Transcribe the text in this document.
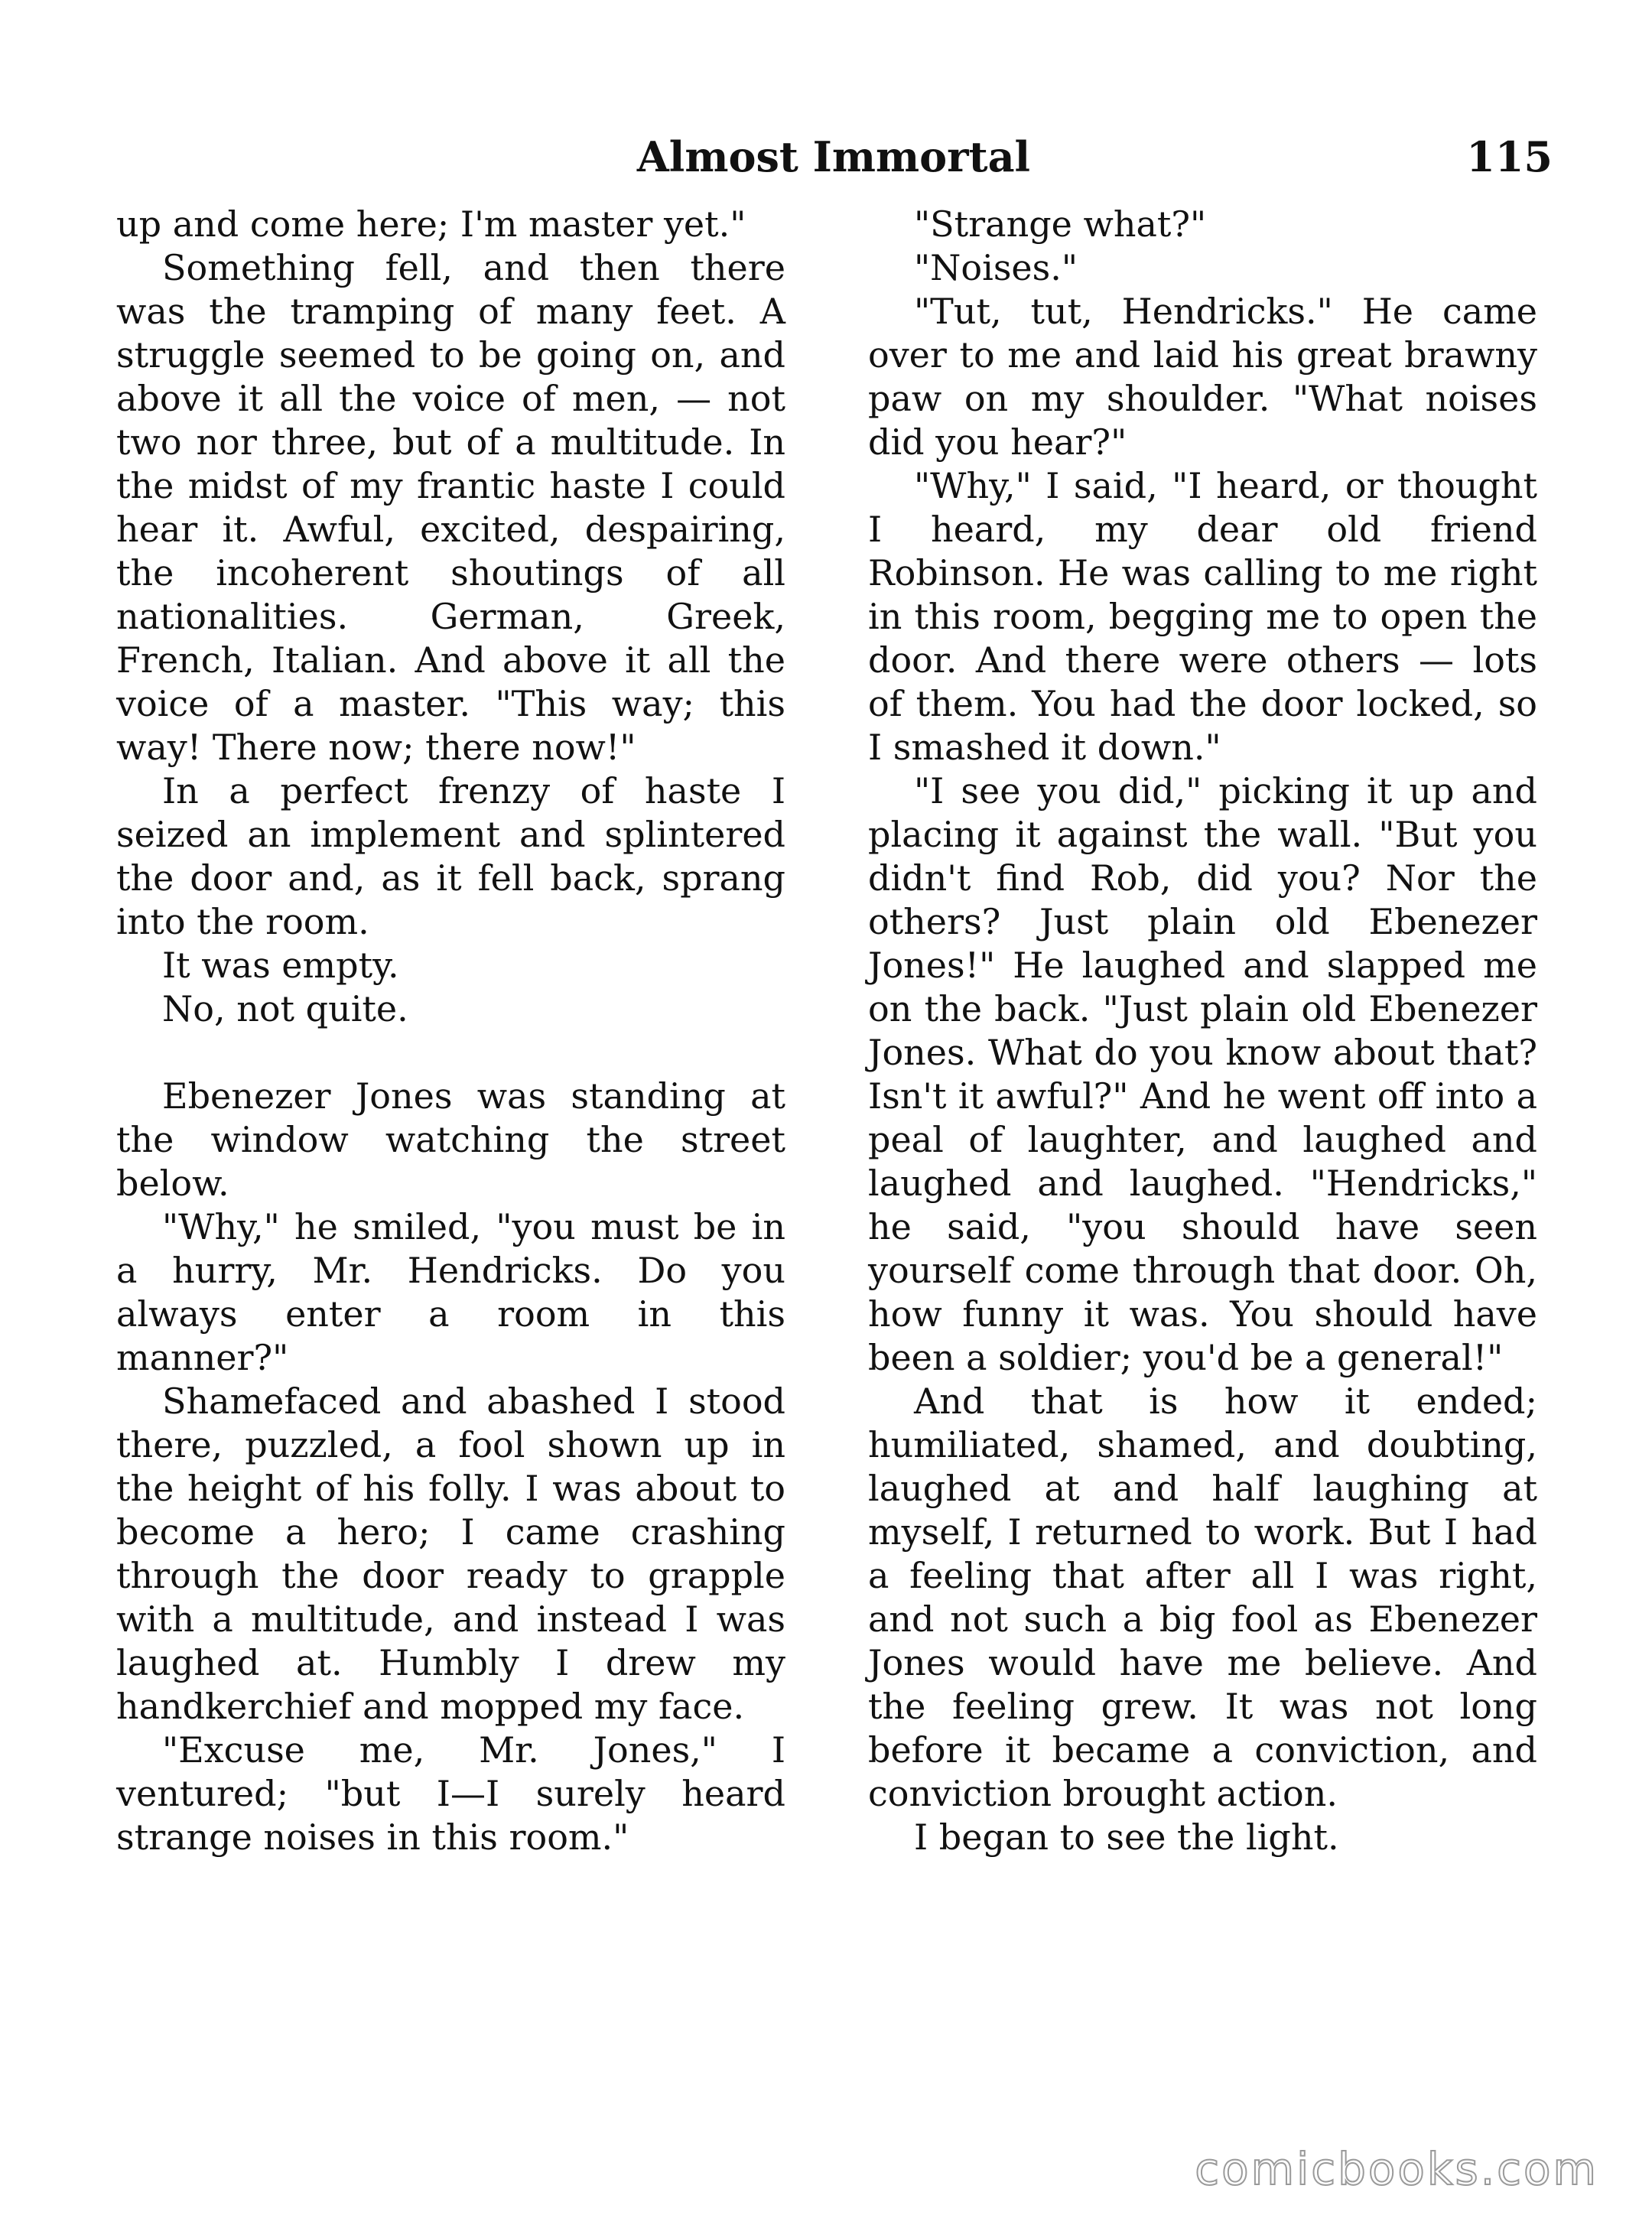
Almost Immortal	115

up and come here; I'm master yet."

Something fell, and then there was the tramping of many feet. A struggle seemed to be going on, and above it all the voice of men, — not two nor three, but of a multitude. In the midst of my frantic haste I could hear it. Awful, excited, despairing, the incoherent shoutings of all nationalities. German, Greek, French, Italian. And above it all the voice of a master. "This way; this way! There now; there now!"

In a perfect frenzy of haste I seized an implement and splintered the door and, as it fell back, sprang into the room.

It was empty.

No, not quite.

Ebenezer Jones was standing at the window watching the street below.

"Why," he smiled, "you must be in a hurry, Mr. Hendricks. Do you always enter a room in this manner?"

Shamefaced and abashed I stood there, puzzled, a fool shown up in the height of his folly. I was about to become a hero; I came crashing through the door ready to grapple with a multitude, and instead I was laughed at. Humbly I drew my handkerchief and mopped my face.

"Excuse me, Mr. Jones," I ventured; "but I—I surely heard strange noises in this room."

"Strange what?"

"Noises."

"Tut, tut, Hendricks." He came over to me and laid his great brawny paw on my shoulder. "What noises did you hear?"

"Why," I said, "I heard, or thought I heard, my dear old friend Robinson. He was calling to me right in this room, begging me to open the door. And there were others — lots of them. You had the door locked, so I smashed it down."

"I see you did," picking it up and placing it against the wall. "But you didn't find Rob, did you? Nor the others? Just plain old Ebenezer Jones!" He laughed and slapped me on the back. "Just plain old Ebenezer Jones. What do you know about that? Isn't it awful?" And he went off into a peal of laughter, and laughed and laughed and laughed. "Hendricks," he said, "you should have seen yourself come through that door. Oh, how funny it was. You should have been a soldier; you'd be a general!"

And that is how it ended; humiliated, shamed, and doubting, laughed at and half laughing at myself, I returned to work. But I had a feeling that after all I was right, and not such a big fool as Ebenezer Jones would have me believe. And the feeling grew. It was not long before it became a conviction, and conviction brought action.

I began to see the light.

comicbooks.com
